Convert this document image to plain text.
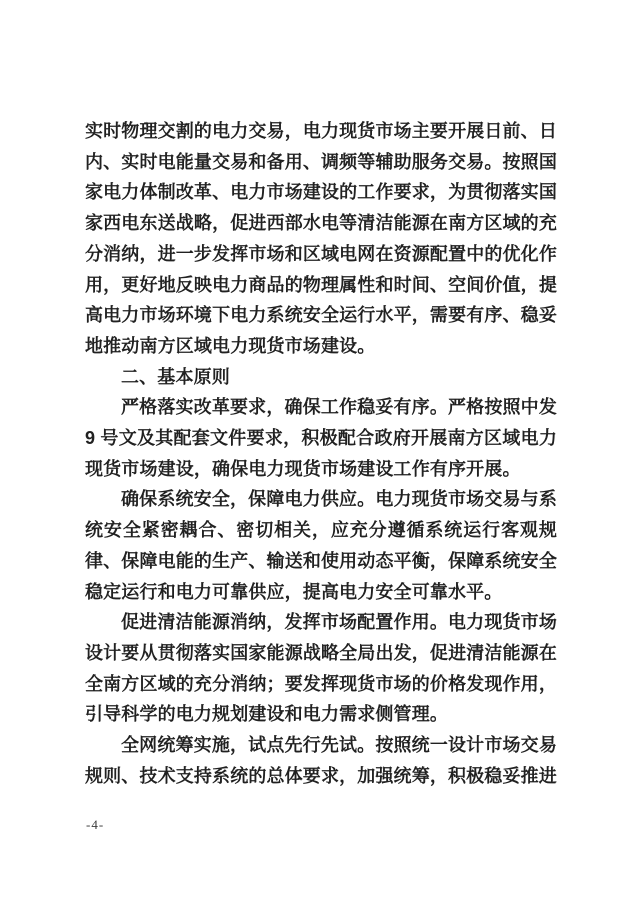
实时物理交割的电力交易，电力现货市场主要开展日前、日内、实时电能量交易和备用、调频等辅助服务交易。按照国家电力体制改革、电力市场建设的工作要求，为贯彻落实国家西电东送战略，促进西部水电等清洁能源在南方区域的充分消纳，进一步发挥市场和区域电网在资源配置中的优化作用，更好地反映电力商品的物理属性和时间、空间价值，提高电力市场环境下电力系统安全运行水平，需要有序、稳妥地推动南方区域电力现货市场建设。

二、基本原则

严格落实改革要求，确保工作稳妥有序。严格按照中发 9 号文及其配套文件要求，积极配合政府开展南方区域电力现货市场建设，确保电力现货市场建设工作有序开展。

确保系统安全，保障电力供应。电力现货市场交易与系统安全紧密耦合、密切相关，应充分遵循系统运行客观规律、保障电能的生产、输送和使用动态平衡，保障系统安全稳定运行和电力可靠供应，提高电力安全可靠水平。

促进清洁能源消纳，发挥市场配置作用。电力现货市场设计要从贯彻落实国家能源战略全局出发，促进清洁能源在全南方区域的充分消纳；要发挥现货市场的价格发现作用，引导科学的电力规划建设和电力需求侧管理。

全网统筹实施，试点先行先试。按照统一设计市场交易规则、技术支持系统的总体要求，加强统筹，积极稳妥推进

-4-
